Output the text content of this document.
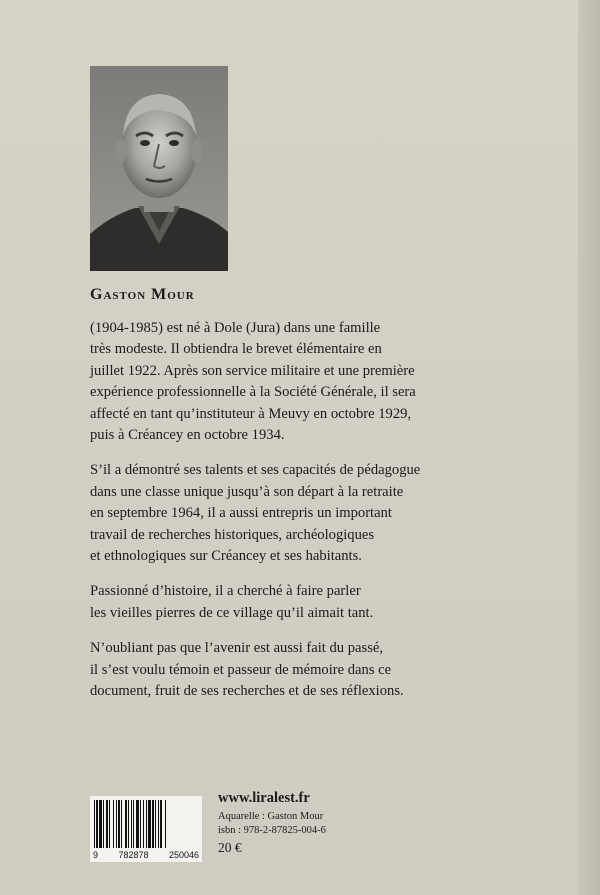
Gaston Mour

(1904-1985) est né à Dole (Jura) dans une famille
très modeste. Il obtiendra le brevet élémentaire en
juillet 1922. Après son service militaire et une première
expérience professionnelle à la Société Générale, il sera
affecté en tant qu’instituteur à Meuvy en octobre 1929,
puis à Créancey en octobre 1934.

S’il a démontré ses talents et ses capacités de pédagogue
dans une classe unique jusqu’à son départ à la retraite
en septembre 1964, il a aussi entrepris un important
travail de recherches historiques, archéologiques
et ethnologiques sur Créancey et ses habitants.

Passionné d’histoire, il a cherché à faire parler
les vieilles pierres de ce village qu’il aimait tant.

N’oubliant pas que l’avenir est aussi fait du passé,
il s’est voulu témoin et passeur de mémoire dans ce
document, fruit de ses recherches et de ses réflexions.

9 782878 250046
www.liralest.fr
Aquarelle : Gaston Mour
isbn : 978-2-87825-004-6
20 €
